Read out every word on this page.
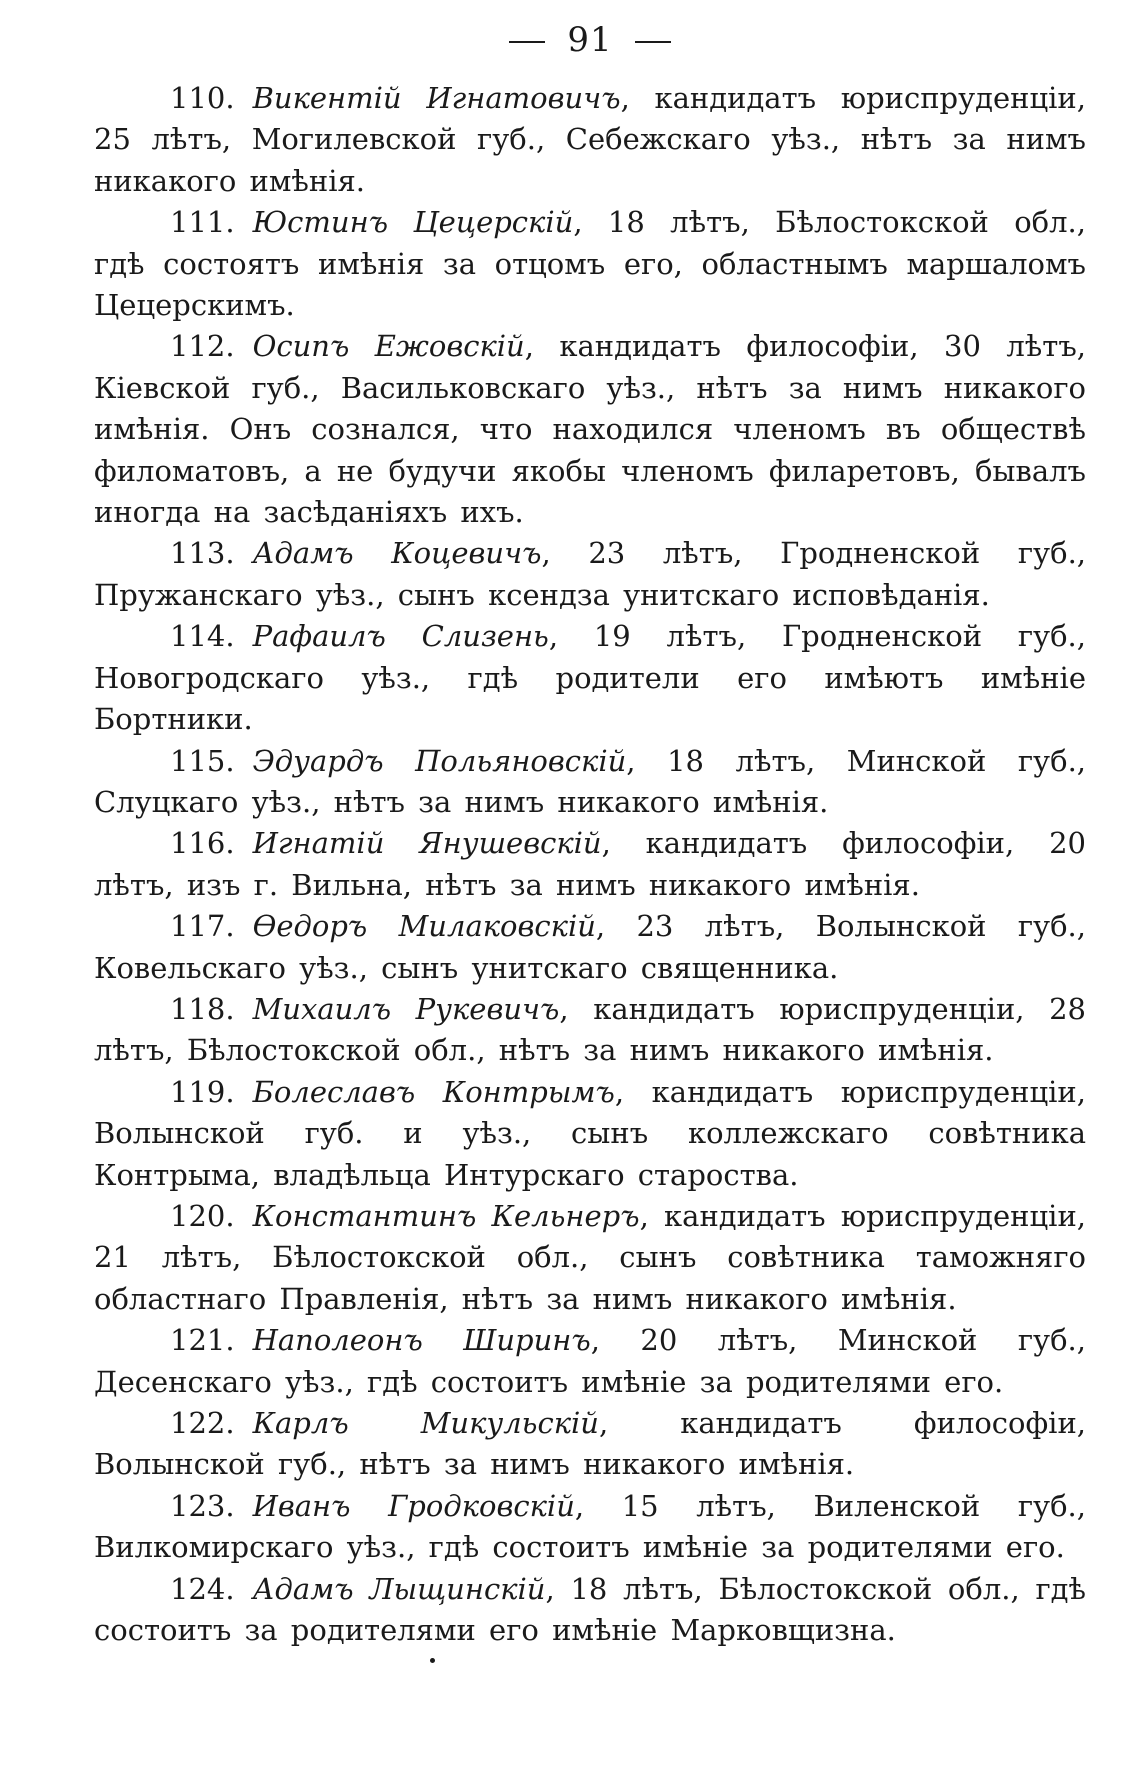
91

110. Викентій Игнатовичъ, кандидатъ юриспруденціи, 25 лѣтъ, Могилевской губ., Себежскаго уѣз., нѣтъ за нимъ никакого имѣнія.

111. Юстинъ Цецерскій, 18 лѣтъ, Бѣлостокской обл., гдѣ состоятъ имѣнія за отцомъ его, областнымъ маршаломъ Цецерскимъ.

112. Осипъ Ежовскій, кандидатъ философіи, 30 лѣтъ, Кіевской губ., Васильковскаго уѣз., нѣтъ за нимъ никакого имѣнія. Онъ сознался, что находился членомъ въ обществѣ филоматовъ, а не будучи якобы членомъ филаретовъ, бывалъ иногда на засѣданіяхъ ихъ.

113. Адамъ Коцевичъ, 23 лѣтъ, Гродненской губ., Пружанскаго уѣз., сынъ ксендза унитскаго исповѣданія.

114. Рафаилъ Слизень, 19 лѣтъ, Гродненской губ., Новогродскаго уѣз., гдѣ родители его имѣютъ имѣніе Бортники.

115. Эдуардъ Польяновскій, 18 лѣтъ, Минской губ., Слуцкаго уѣз., нѣтъ за нимъ никакого имѣнія.

116. Игнатій Янушевскій, кандидатъ философіи, 20 лѣтъ, изъ г. Вильна, нѣтъ за нимъ никакого имѣнія.

117. Өедоръ Милаковскій, 23 лѣтъ, Волынской губ., Ковельскаго уѣз., сынъ унитскаго священника.

118. Михаилъ Рукевичъ, кандидатъ юриспруденціи, 28 лѣтъ, Бѣлостокской обл., нѣтъ за нимъ никакого имѣнія.

119. Болеславъ Контрымъ, кандидатъ юриспруденціи, Волынской губ. и уѣз., сынъ коллежскаго совѣтника Контрыма, владѣльца Интурскаго староства.

120. Константинъ Кельнеръ, кандидатъ юриспруденціи, 21 лѣтъ, Бѣлостокской обл., сынъ совѣтника таможняго областнаго Правленія, нѣтъ за нимъ никакого имѣнія.

121. Наполеонъ Ширинъ, 20 лѣтъ, Минской губ., Десенскаго уѣз., гдѣ состоитъ имѣніе за родителями его.

122. Карлъ Микульскій, кандидатъ философіи, Волынской губ., нѣтъ за нимъ никакого имѣнія.

123. Иванъ Гродковскій, 15 лѣтъ, Виленской губ., Вилкомирскаго уѣз., гдѣ состоитъ имѣніе за родителями его.

124. Адамъ Лыщинскій, 18 лѣтъ, Бѣлостокской обл., гдѣ состоитъ за родителями его имѣніе Марковщизна.
